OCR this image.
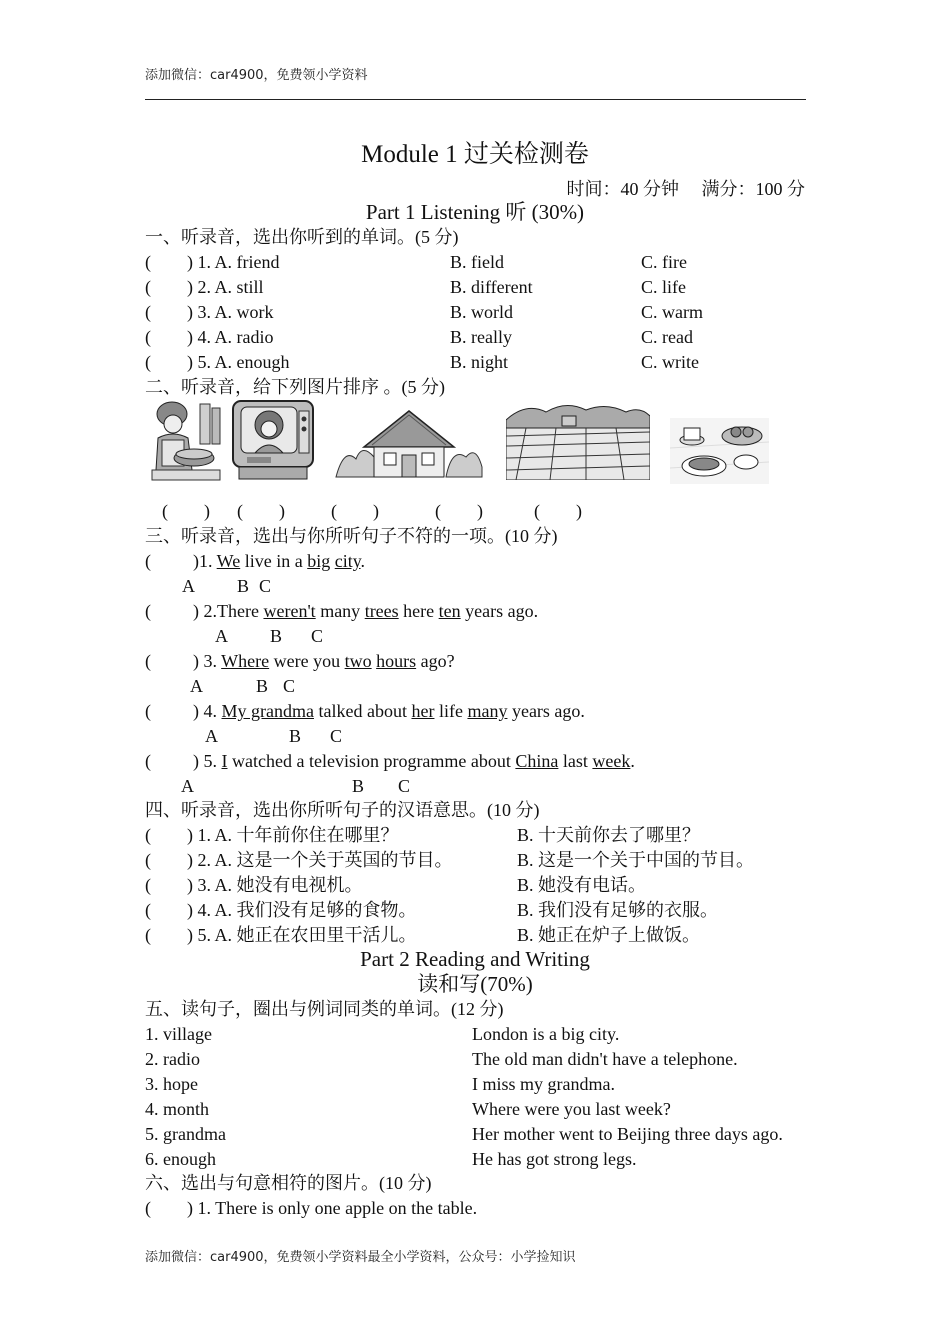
添加微信：car4900，免费领小学资料
Module 1 过关检测卷
时间：40 分钟　 满分：100 分
Part 1 Listening 听 (30%)
一、听录音，选出你听到的单词。(5 分)
( ) 1. A. friend	B. field	C. fire
( ) 2. A. still	B. different	C. life
( ) 3. A. work	B. world	C. warm
( ) 4. A. radio	B. really	C. read
( ) 5. A. enough	B. night	C. write
二、听录音，给下列图片排序 。(5 分)
(　　) (　　)	(　　)	(　　)	(　　)
三、听录音，选出与你所听句子不符的一项。(10 分)
( )1. We live in a big city.
A B C
( ) 2.There weren't many trees here ten years ago.
A B C
( ) 3. Where were you two hours ago?
A	B C
( ) 4. My grandma talked about her life many years ago.
A	B C
( ) 5. I watched a television programme about China last week.
A	B C
四、听录音，选出你所听句子的汉语意思。(10 分)
( ) 1. A. 十年前你住在哪里？	B. 十天前你去了哪里？
( ) 2. A. 这是一个关于英国的节目。	B. 这是一个关于中国的节目。
( ) 3. A. 她没有电视机。	B. 她没有电话。
( ) 4. A. 我们没有足够的食物。	B. 我们没有足够的衣服。
( ) 5. A. 她正在农田里干活儿。	B. 她正在炉子上做饭。
Part 2 Reading and Writing
读和写(70%)
五、读句子，圈出与例词同类的单词。(12 分)
1. village	London is a big city.
2. radio	The old man didn't have a telephone.
3. hope	I miss my grandma.
4. month	Where were you last week?
5. grandma	Her mother went to Beijing three days ago.
6. enough	He has got strong legs.
六、选出与句意相符的图片。(10 分)
( ) 1. There is only one apple on the table.
添加微信：car4900，免费领小学资料最全小学资料，公众号：小学捡知识
